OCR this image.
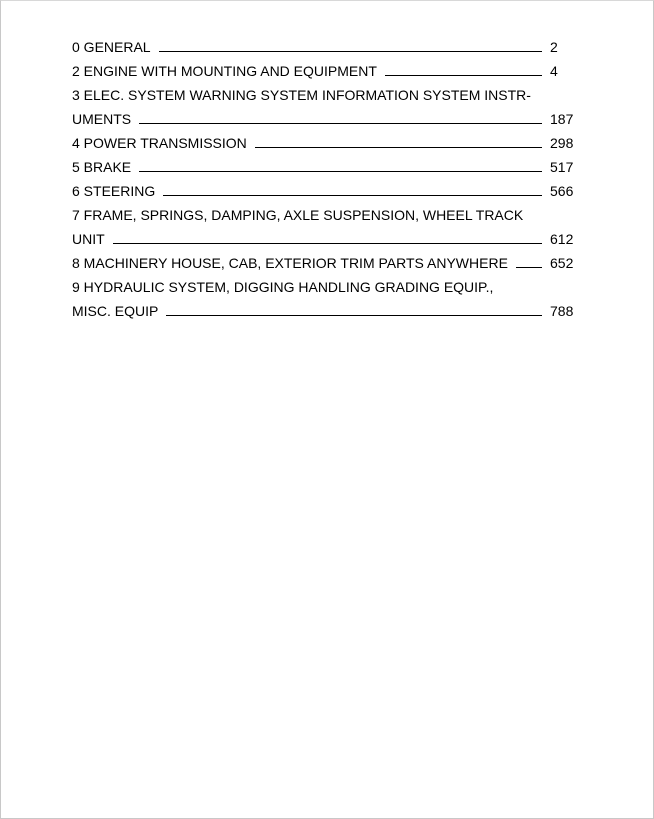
0 GENERAL	2
2 ENGINE WITH MOUNTING AND EQUIPMENT	4
3 ELEC. SYSTEM WARNING SYSTEM INFORMATION SYSTEM INSTR-
UMENTS	187
4 POWER TRANSMISSION	298
5 BRAKE	517
6 STEERING	566
7 FRAME, SPRINGS, DAMPING, AXLE SUSPENSION, WHEEL TRACK
UNIT	612
8 MACHINERY HOUSE, CAB, EXTERIOR TRIM PARTS ANYWHERE	652
9 HYDRAULIC SYSTEM, DIGGING HANDLING GRADING EQUIP.,
MISC. EQUIP	788
